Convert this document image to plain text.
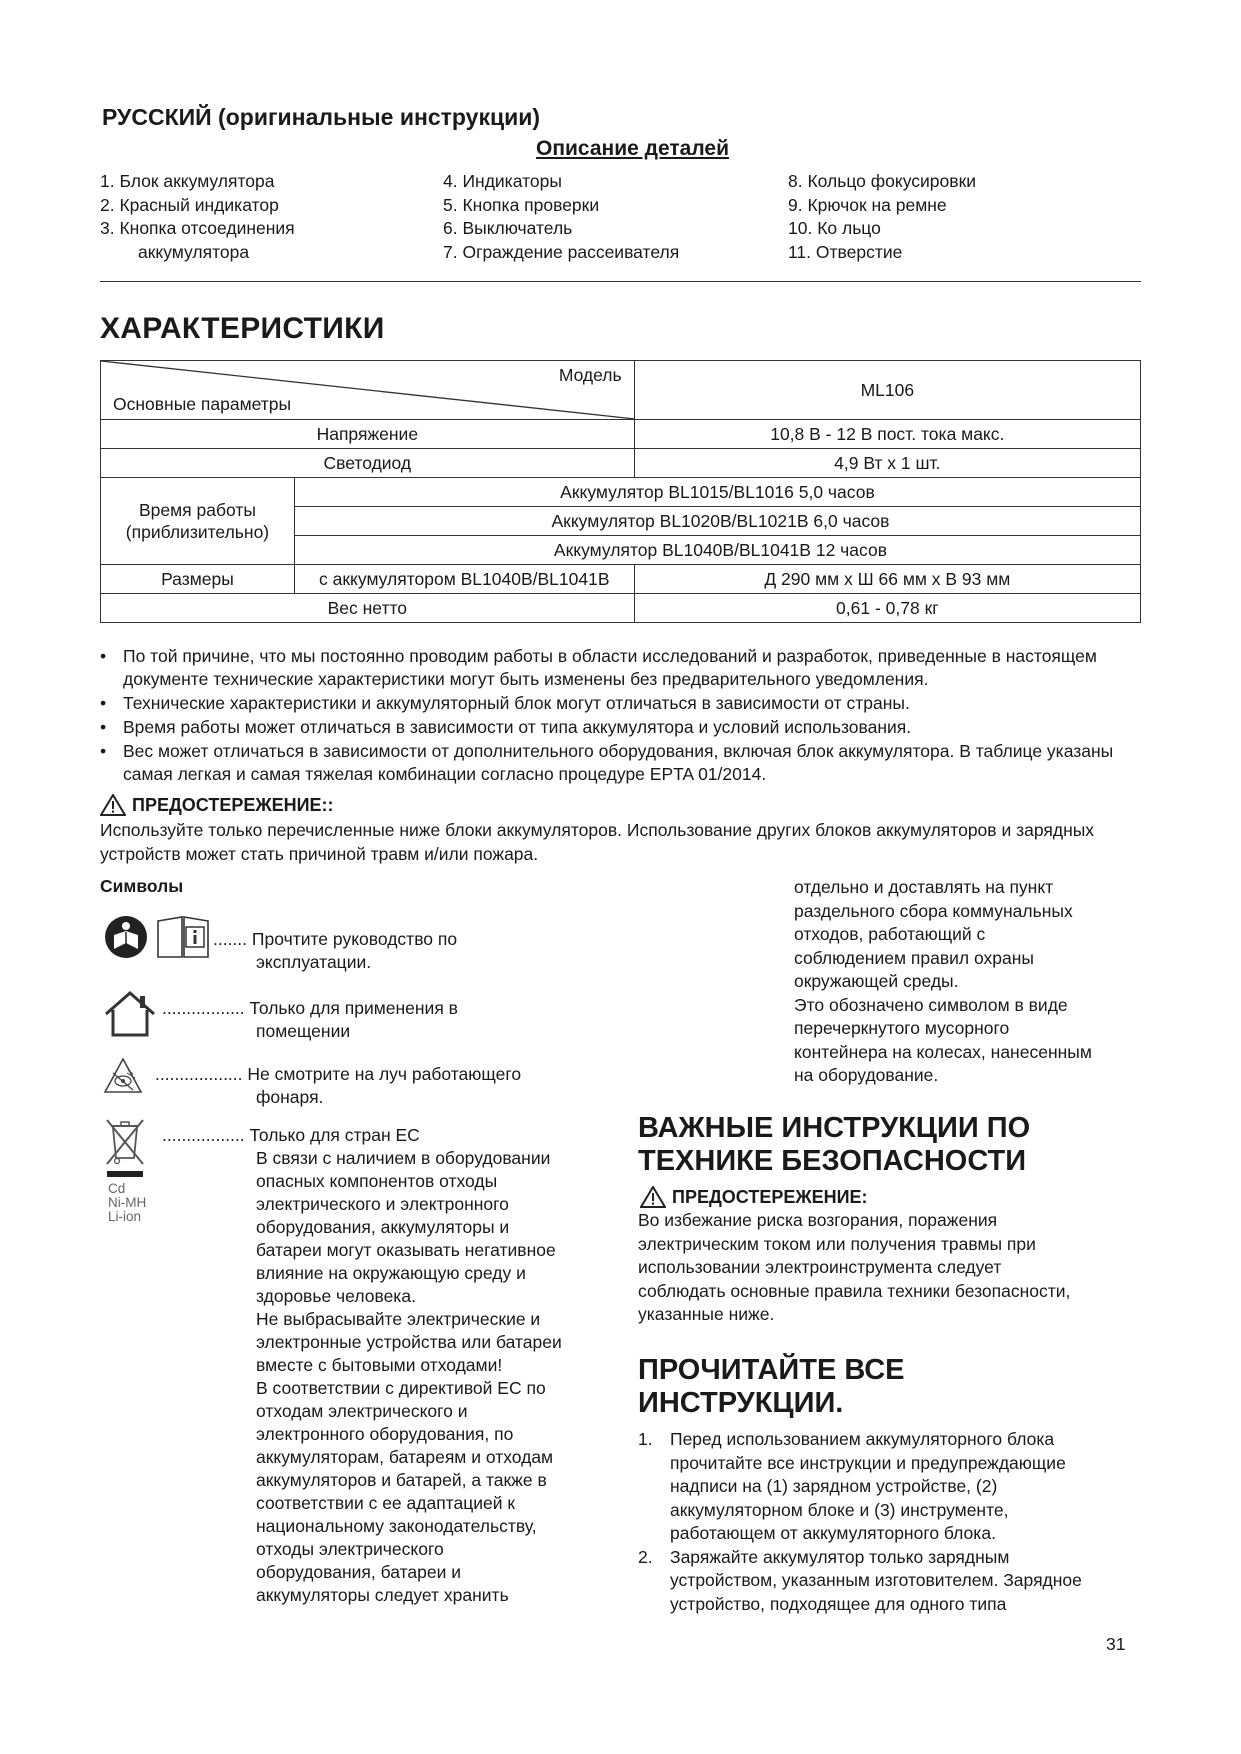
РУССКИЙ (оригинальные инструкции)
Описание деталей
1. Блок аккумулятора
2. Красный индикатор
3. Кнопка отсоединения
аккумулятора
4. Индикаторы
5. Кнопка проверки
6. Выключатель
7. Ограждение рассеивателя
8. Кольцо фокусировки
9. Крючок на ремне
10. Ко льцо
11. Отверстие
ХАРАКТЕРИСТИКИ
Модель
Основные параметры		ML106
Напряжение		10,8 В - 12 В пост. тока макс.
Светодиод		4,9 Вт х 1 шт.

Время работы
(приблизительно)	Аккумулятор BL1015/BL1016 5,0 часов	
	Аккумулятор BL1020B/BL1021B 6,0 часов	
	Аккумулятор BL1040B/BL1041B 12 часов	
Размеры	с аккумулятором BL1040B/BL1041B	Д 290 мм х Ш 66 мм х В 93 мм
Вес нетто		0,61 - 0,78 кг
• По той причине, что мы постоянно проводим работы в области исследований и разработок, приведенные в настоящем документе технические характеристики могут быть изменены без предварительного уведомления.
• Технические характеристики и аккумуляторный блок могут отличаться в зависимости от страны.
• Время работы может отличаться в зависимости от типа аккумулятора и условий использования.
• Вес может отличаться в зависимости от дополнительного оборудования, включая блок аккумулятора. В таблице указаны самая легкая и самая тяжелая комбинации согласно процедуре EPTA 01/2014.
ПРЕДОСТЕРЕЖЕНИЕ::
Используйте только перечисленные ниже блоки аккумуляторов. Использование других блоков аккумуляторов и зарядных устройств может стать причиной травм и/или пожара.
Символы
....... Прочтите руководство по
эксплуатации.
................. Только для применения в
помещении
.................. Не смотрите на луч работающего
фонаря.
Cd
Ni-MH
Li-ion
................. Только для стран ЕС
В связи с наличием в оборудовании
опасных компонентов отходы
электрического и электронного
оборудования, аккумуляторы и
батареи могут оказывать негативное
влияние на окружающую среду и
здоровье человека.
Не выбрасывайте электрические и
электронные устройства или батареи
вместе с бытовыми отходами!
В соответствии с директивой ЕС по
отходам электрического и
электронного оборудования, по
аккумуляторам, батареям и отходам
аккумуляторов и батарей, а также в
соответствии с ее адаптацией к
национальному законодательству,
отходы электрического
оборудования, батареи и
аккумуляторы следует хранить
отдельно и доставлять на пункт
раздельного сбора коммунальных
отходов, работающий с
соблюдением правил охраны
окружающей среды.
Это обозначено символом в виде
перечеркнутого мусорного
контейнера на колесах, нанесенным
на оборудование.
ВАЖНЫЕ ИНСТРУКЦИИ ПО
ТЕХНИКЕ БЕЗОПАСНОСТИ
ПРЕДОСТЕРЕЖЕНИЕ:
Во избежание риска возгорания, поражения
электрическим током или получения травмы при
использовании электроинструмента следует
соблюдать основные правила техники безопасности,
указанные ниже.
ПРОЧИТАЙТЕ ВСЕ
ИНСТРУКЦИИ.
1. Перед использованием аккумуляторного блока
прочитайте все инструкции и предупреждающие
надписи на (1) зарядном устройстве, (2)
аккумуляторном блоке и (3) инструменте,
работающем от аккумуляторного блока.
2. Заряжайте аккумулятор только зарядным
устройством, указанным изготовителем. Зарядное
устройство, подходящее для одного типа
31
